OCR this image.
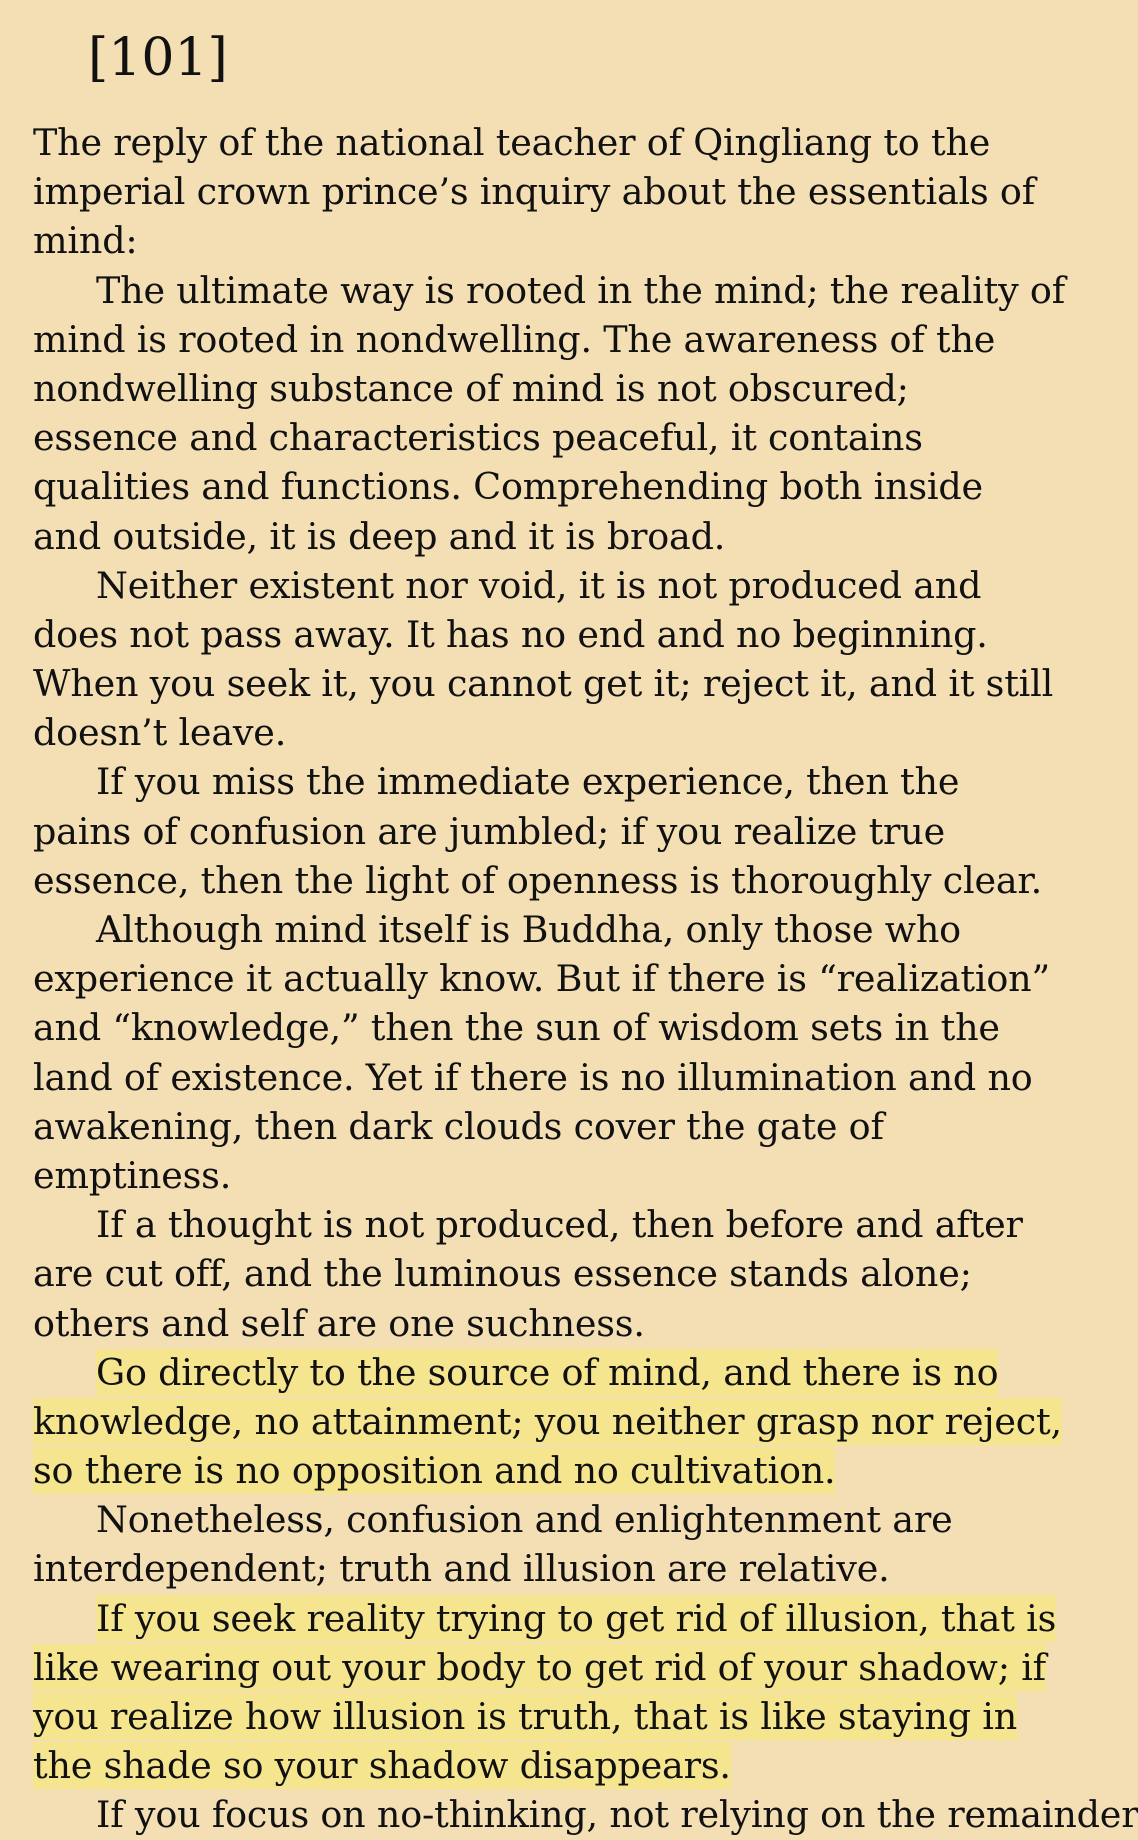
[101]
The reply of the national teacher of Qingliang to the
imperial crown prince’s inquiry about the essentials of
mind:
The ultimate way is rooted in the mind; the reality of
mind is rooted in nondwelling. The awareness of the
nondwelling substance of mind is not obscured;
essence and characteristics peaceful, it contains
qualities and functions. Comprehending both inside
and outside, it is deep and it is broad.
Neither existent nor void, it is not produced and
does not pass away. It has no end and no beginning.
When you seek it, you cannot get it; reject it, and it still
doesn’t leave.
If you miss the immediate experience, then the
pains of confusion are jumbled; if you realize true
essence, then the light of openness is thoroughly clear.
Although mind itself is Buddha, only those who
experience it actually know. But if there is “realization”
and “knowledge,” then the sun of wisdom sets in the
land of existence. Yet if there is no illumination and no
awakening, then dark clouds cover the gate of
emptiness.
If a thought is not produced, then before and after
are cut off, and the luminous essence stands alone;
others and self are one suchness.
Go directly to the source of mind, and there is no
knowledge, no attainment; you neither grasp nor reject,
so there is no opposition and no cultivation.
Nonetheless, confusion and enlightenment are
interdependent; truth and illusion are relative.
If you seek reality trying to get rid of illusion, that is
like wearing out your body to get rid of your shadow; if
you realize how illusion is truth, that is like staying in
the shade so your shadow disappears.
If you focus on no-thinking, not relying on the remainder
